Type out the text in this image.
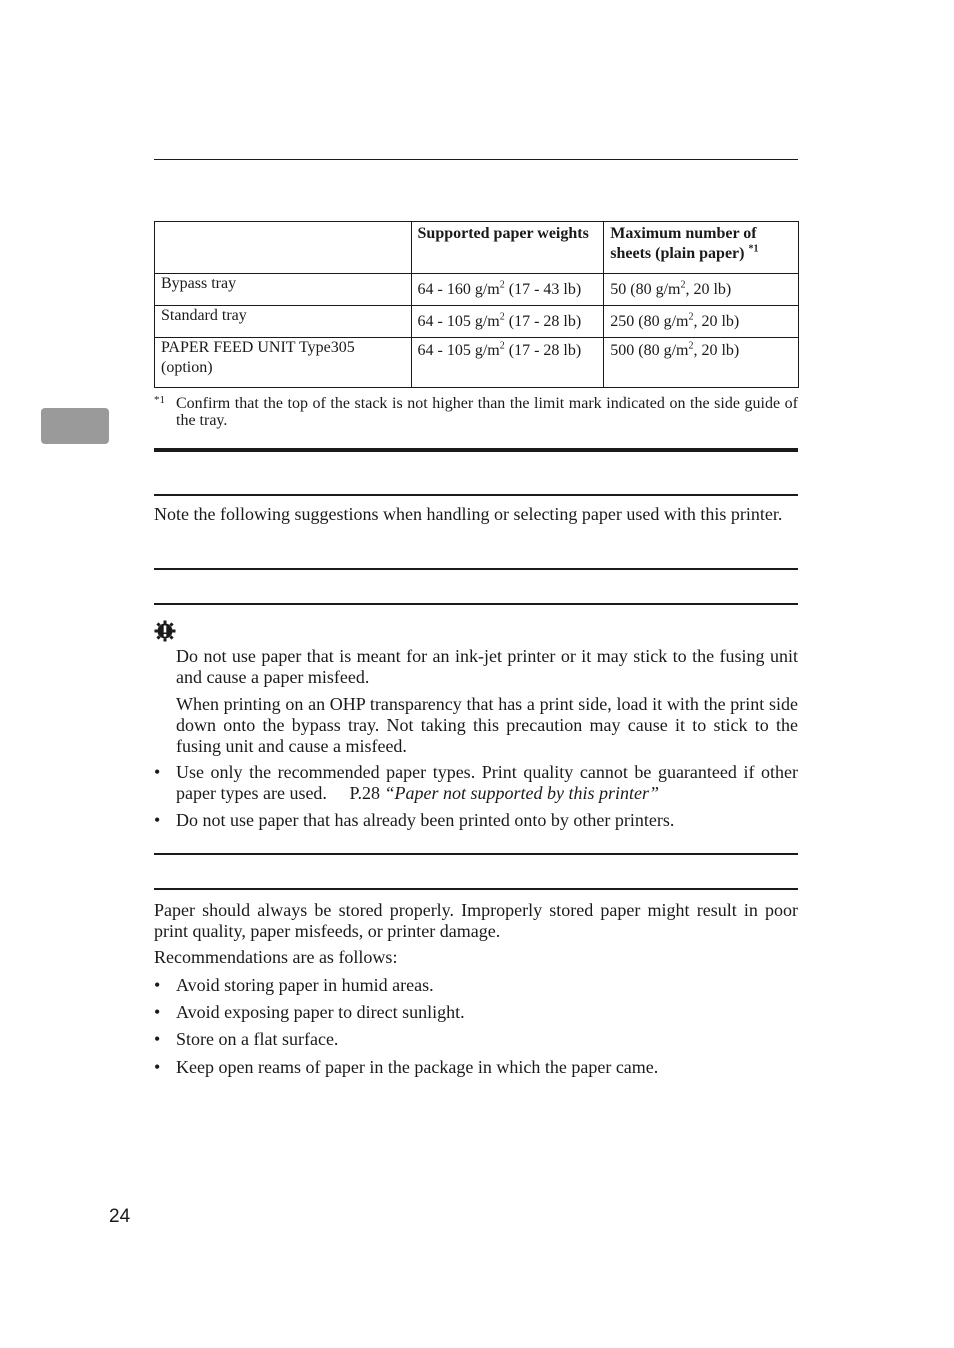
	Supported paper weights	Maximum number of sheets (plain paper) $^{*1}$
Bypass tray	64 - 160 $g/m^2$ (17 - 43 lb)	50 (80 $g/m^2$, 20 lb)
Standard tray	64 - 105 $g/m^2$ (17 - 28 lb)	250 (80 $g/m^2$, 20 lb)
PAPER FEED UNIT Type305 (option)	64 - 105 $g/m^2$ (17 - 28 lb)	500 (80 $g/m^2$, 20 lb)
*1 Confirm that the top of the stack is not higher than the limit mark indicated on the side guide of the tray.
Note the following suggestions when handling or selecting paper used with this printer.
Do not use paper that is meant for an ink-jet printer or it may stick to the fusing unit and cause a paper misfeed.
When printing on an OHP transparency that has a print side, load it with the print side down onto the bypass tray. Not taking this precaution may cause it to stick to the fusing unit and cause a misfeed.
• Use only the recommended paper types. Print quality cannot be guaranteed if other paper types are used. P.28 “Paper not supported by this printer”
• Do not use paper that has already been printed onto by other printers.
Paper should always be stored properly. Improperly stored paper might result in poor print quality, paper misfeeds, or printer damage.
Recommendations are as follows:
• Avoid storing paper in humid areas.
• Avoid exposing paper to direct sunlight.
• Store on a flat surface.
• Keep open reams of paper in the package in which the paper came.
24
